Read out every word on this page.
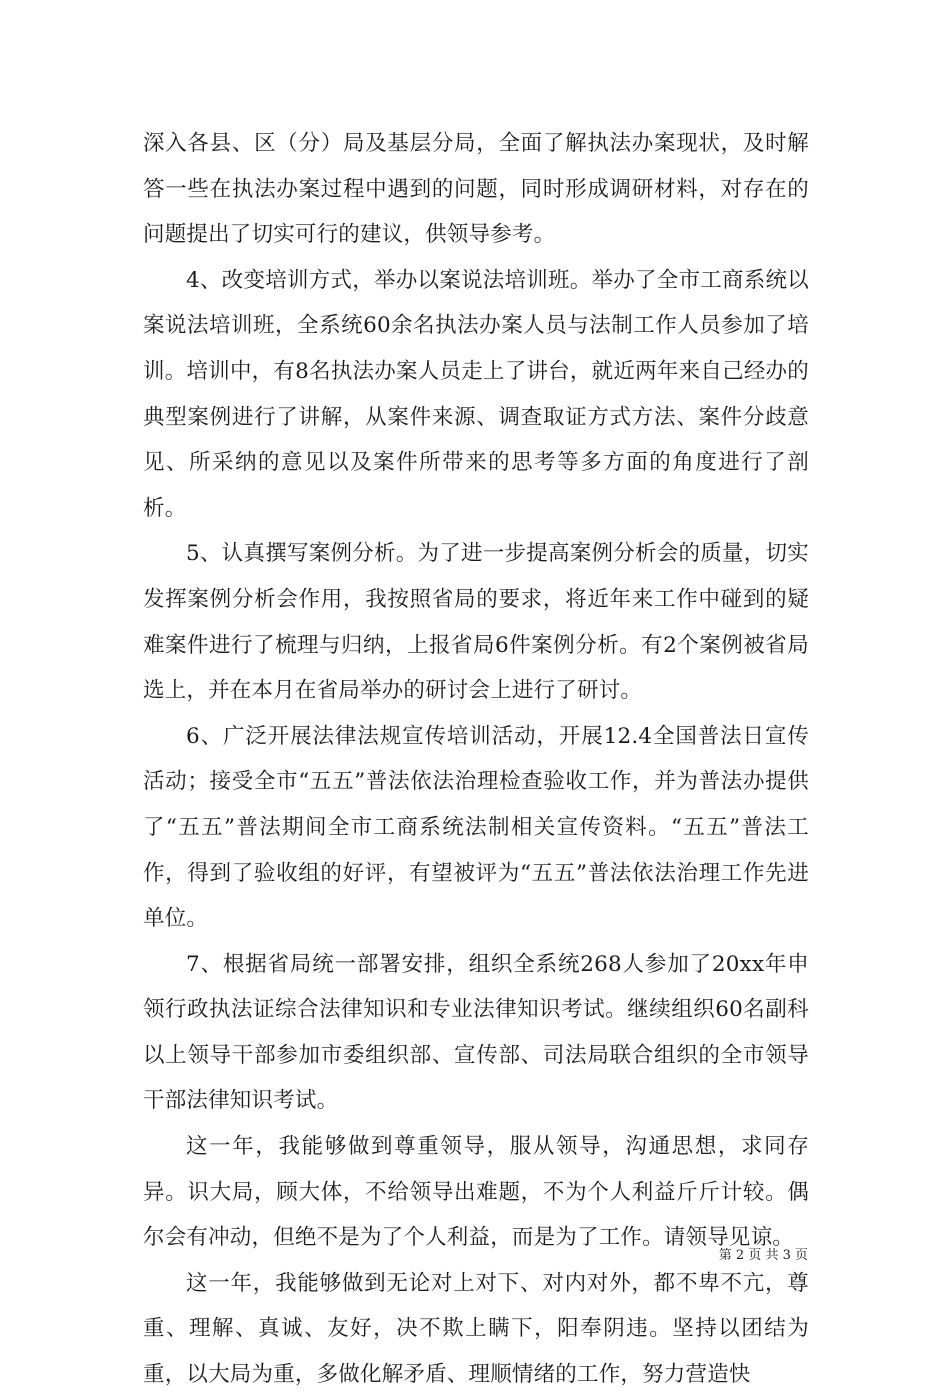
深入各县、区（分）局及基层分局，全面了解执法办案现状，及时解答一些在执法办案过程中遇到的问题，同时形成调研材料，对存在的问题提出了切实可行的建议，供领导参考。

4、改变培训方式，举办以案说法培训班。举办了全市工商系统以案说法培训班，全系统60余名执法办案人员与法制工作人员参加了培训。培训中，有8名执法办案人员走上了讲台，就近两年来自己经办的典型案例进行了讲解，从案件来源、调查取证方式方法、案件分歧意见、所采纳的意见以及案件所带来的思考等多方面的角度进行了剖析。

5、认真撰写案例分析。为了进一步提高案例分析会的质量，切实发挥案例分析会作用，我按照省局的要求，将近年来工作中碰到的疑难案件进行了梳理与归纳，上报省局6件案例分析。有2个案例被省局选上，并在本月在省局举办的研讨会上进行了研讨。

6、广泛开展法律法规宣传培训活动，开展12.4全国普法日宣传活动；接受全市“五五”普法依法治理检查验收工作，并为普法办提供了“五五”普法期间全市工商系统法制相关宣传资料。“五五”普法工作，得到了验收组的好评，有望被评为“五五”普法依法治理工作先进单位。

7、根据省局统一部署安排，组织全系统268人参加了20xx年申领行政执法证综合法律知识和专业法律知识考试。继续组织60名副科以上领导干部参加市委组织部、宣传部、司法局联合组织的全市领导干部法律知识考试。

这一年，我能够做到尊重领导，服从领导，沟通思想，求同存异。识大局，顾大体，不给领导出难题，不为个人利益斤斤计较。偶尔会有冲动，但绝不是为了个人利益，而是为了工作。请领导见谅。

这一年，我能够做到无论对上对下、对内对外，都不卑不亢，尊重、理解、真诚、友好，决不欺上瞒下，阳奉阴违。坚持以团结为重，以大局为重，多做化解矛盾、理顺情绪的工作，努力营造快

第 2 页 共 3 页
